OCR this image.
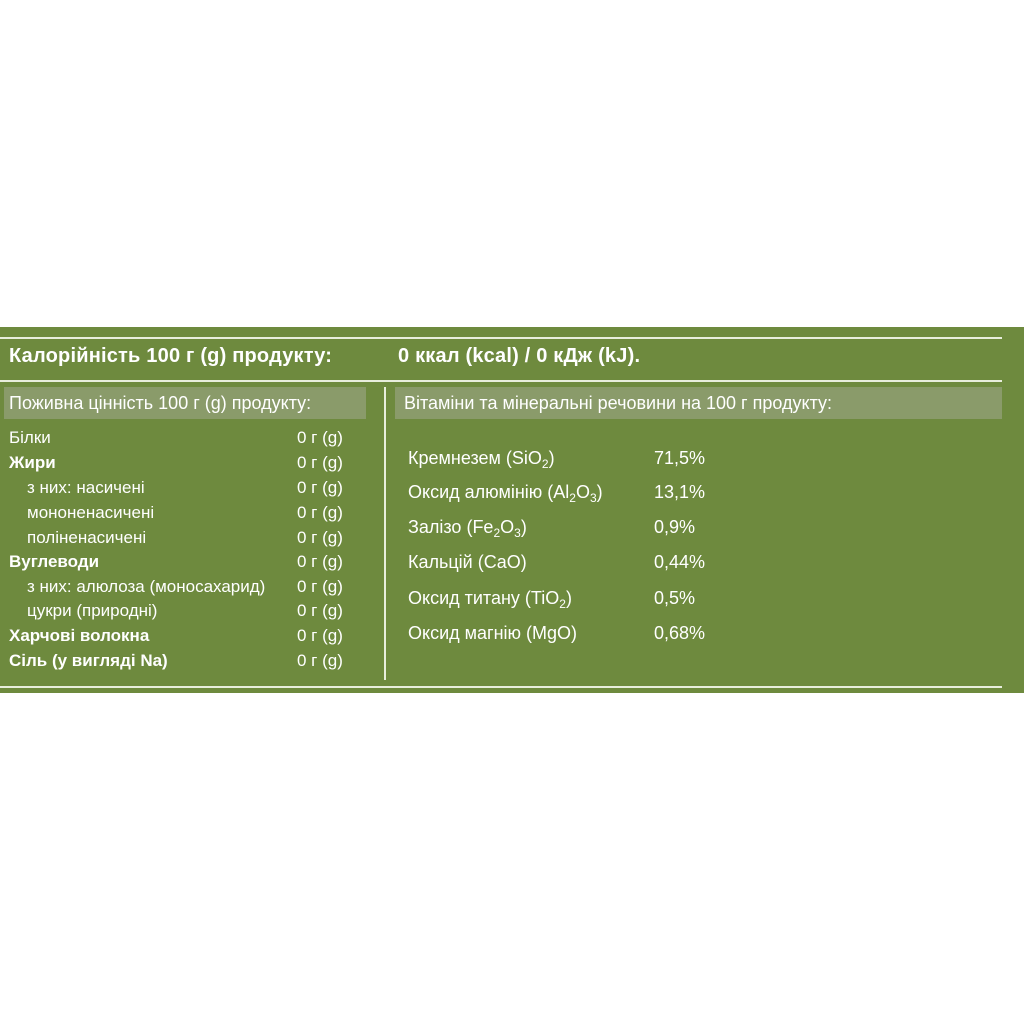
Калорійність 100 г (g) продукту:	0 ккал (kcal) / 0 кДж (kJ).
Поживна цінність 100 г (g) продукту:	Вітаміни та мінеральні речовини на 100 г продукту:
Білки	0 г (g)
Жири	0 г (g)
з них: насичені	0 г (g)
мононенасичені	0 г (g)
поліненасичені	0 г (g)
Вуглеводи	0 г (g)
з них: алюлоза (моносахарид) 0 г (g)
цукри (природні)	0 г (g)
Харчові волокна	0 г (g)
Сіль (у вигляді Na)	0 г (g)
Кремнезем (SiO$_2$)	71,5%
Оксид алюмінію $(Al_2O_3)$	13,1%
Залізо $(Fe_2O_3)$	0,9%
Кальцій (CaO)	0,44%
Оксид титану (TiO$_2$)	0,5%
Оксид магнію (MgO)	0,68%
